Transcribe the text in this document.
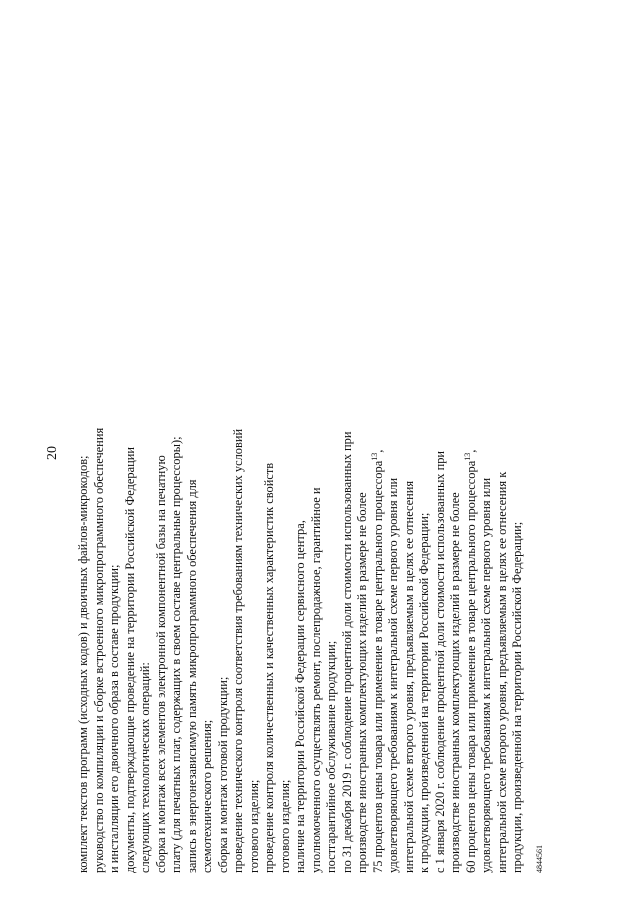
20
комплект текстов программ (исходных кодов) и двоичных файлов-микрокодов; руководство по компиляции и сборке встроенного микропрограммного обеспечения и инсталляции его двоичного образа в составе продукции; документы, подтверждающие проведение на территории Российской Федерации следующих технологических операций: сборка и монтаж всех элементов электронной компонентной базы на печатную плату (для печатных плат, содержащих в своем составе центральные процессоры); запись в энергонезависимую память микропрограммного обеспечения для схемотехнического решения; сборка и монтаж готовой продукции; проведение технического контроля соответствия требованиям технических условий готового изделия; проведение контроля количественных и качественных характеристик свойств готового изделия; наличие на территории Российской Федерации сервисного центра, уполномоченного осуществлять ремонт, послепродажное, гарантийное и постгарантийное обслуживание продукции; по 31 декабря 2019 г. соблюдение процентной доли стоимости использованных при производстве иностранных комплектующих изделий в размере не более 75 процентов цены товара или применение в товаре центрального процессора$^{13}$,
удовлетворяющего требованиям к интегральной схеме первого уровня или интегральной схеме второго уровня, предъявляемым в целях ее отнесения к продукции, произведенной на территории Российской Федерации; с 1 января 2020 г. соблюдение процентной доли стоимости использованных при производстве иностранных комплектующих изделий в размере не более 60 процентов цены товара или применение в товаре центрального процессора$^{13}$,
удовлетворяющего требованиям к интегральной схеме первого уровня или интегральной схеме второго уровня, предъявляемым в целях ее отнесения к продукции, произведенной на территории Российской Федерации; 4844561
